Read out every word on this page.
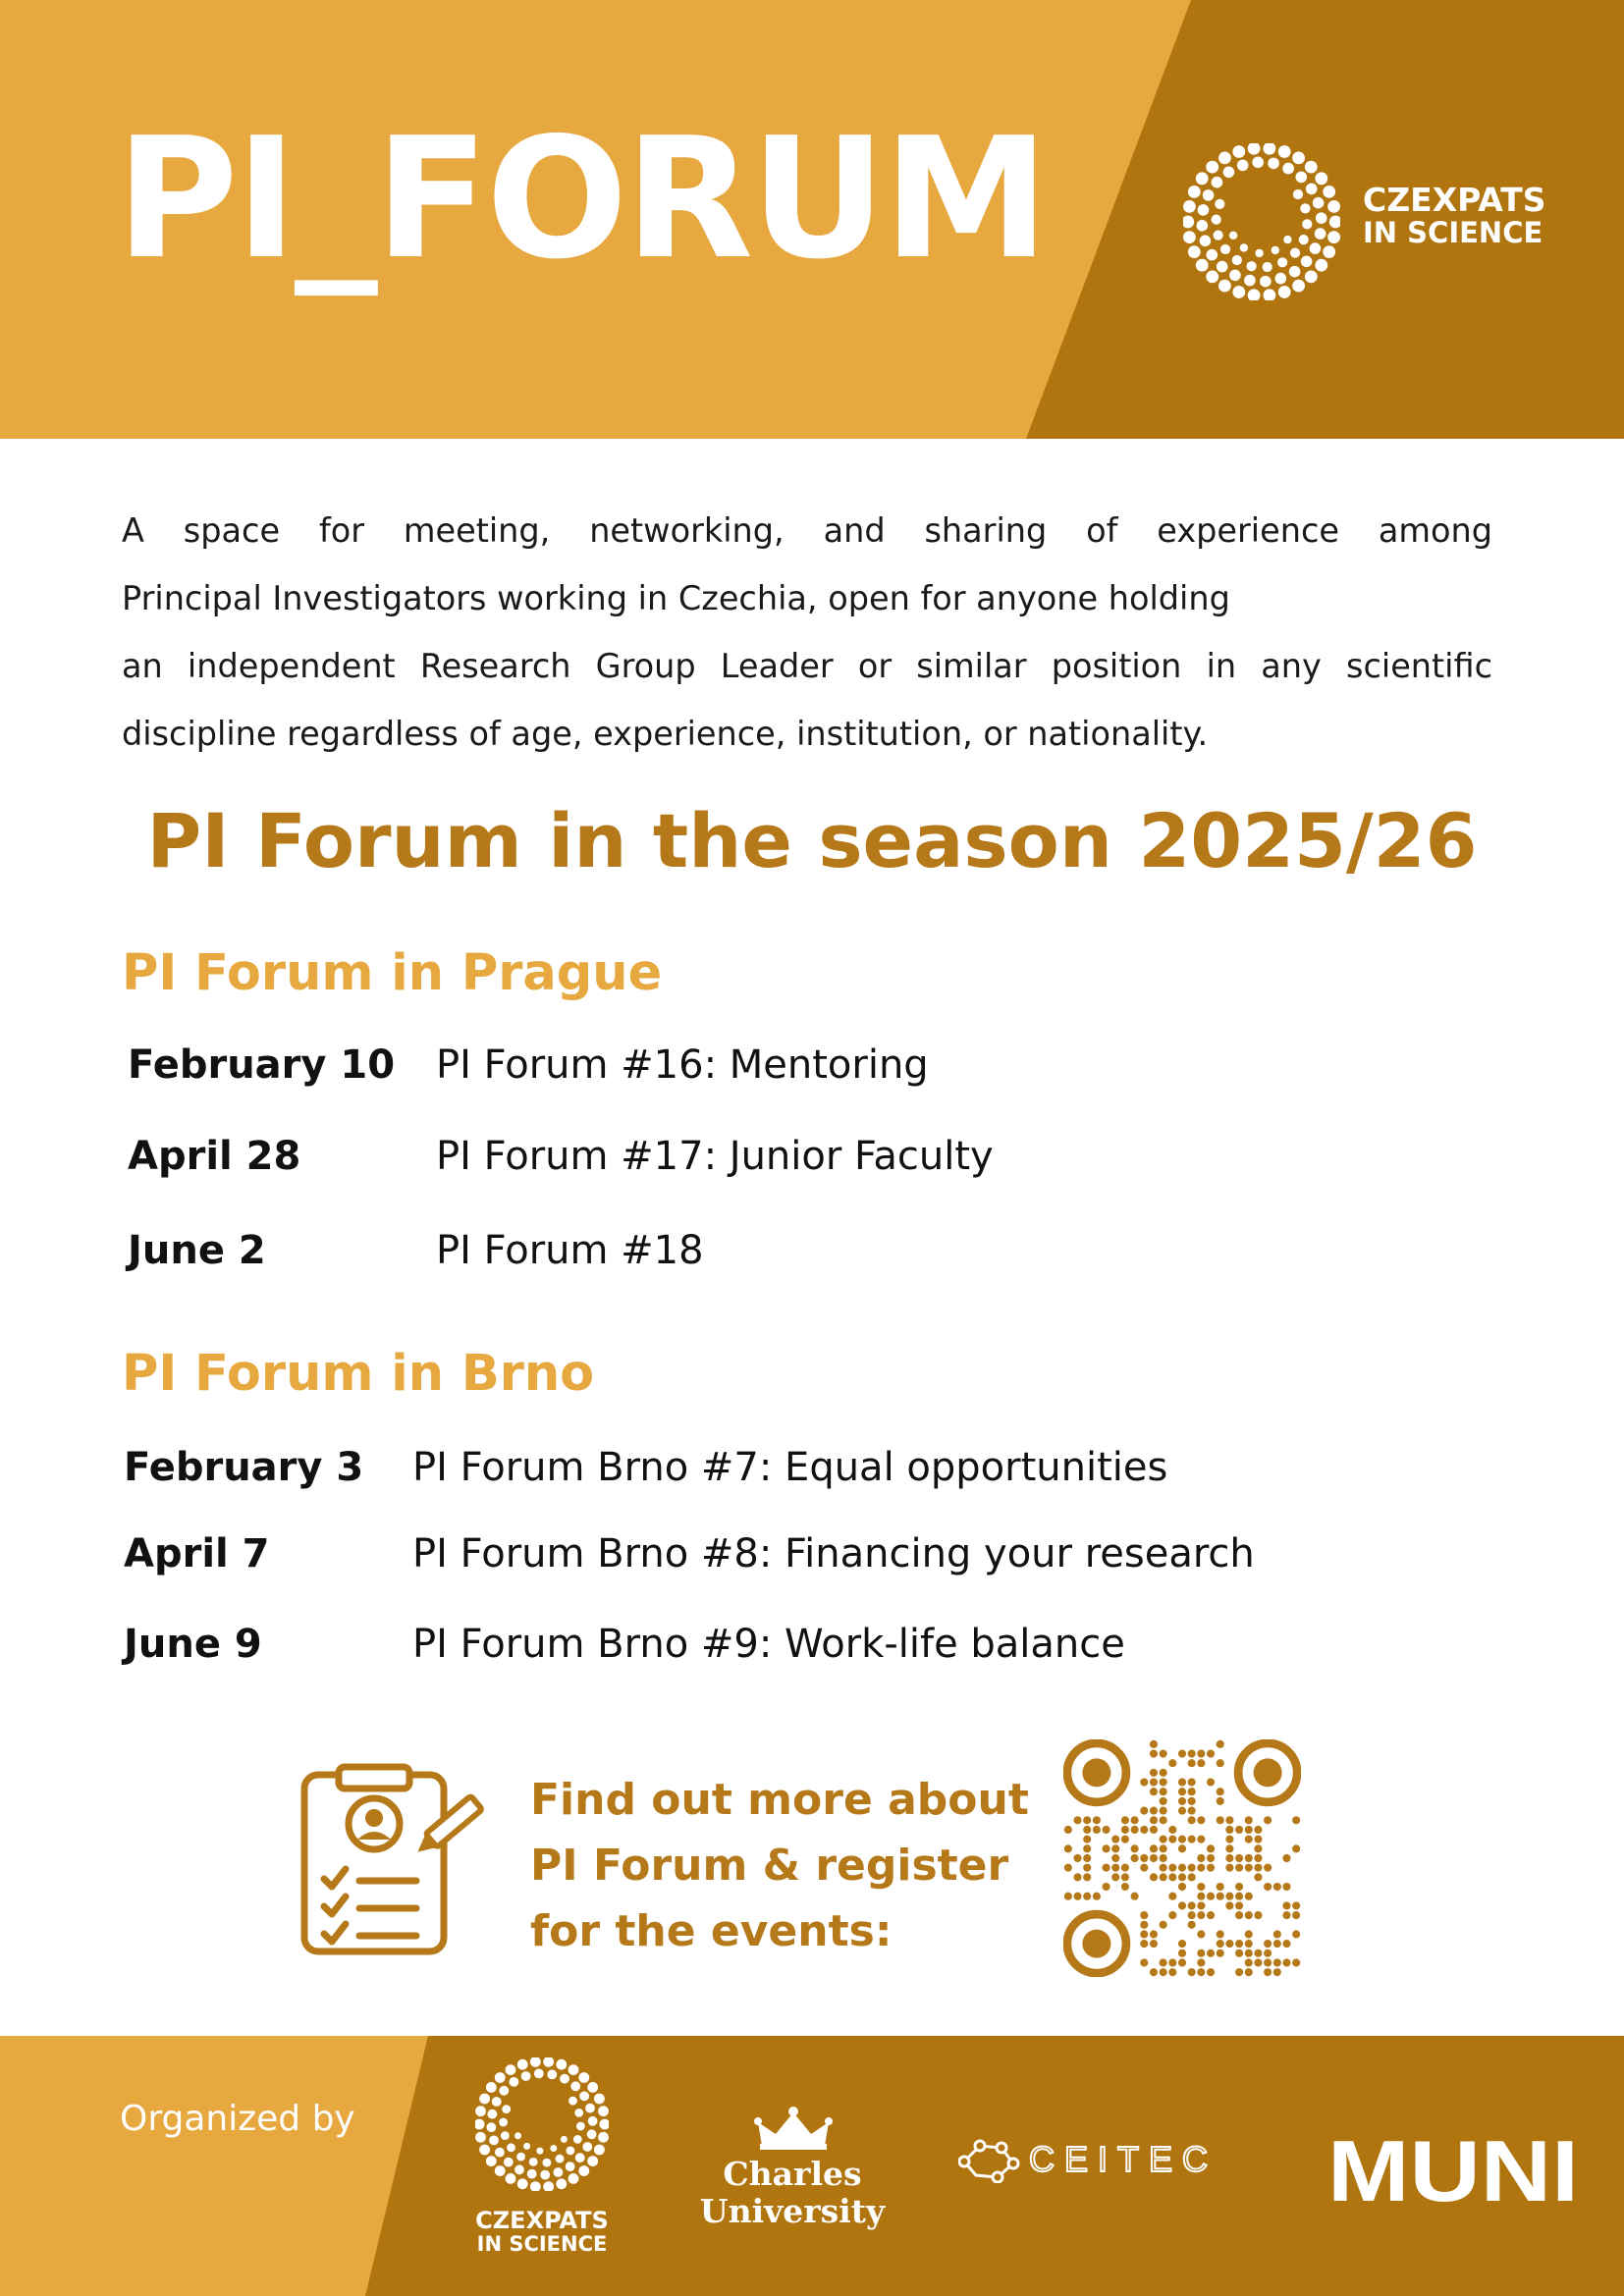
PI_FORUM	CZEXPATS
IN SCIENCE

A space for meeting, networking, and sharing of experience among
Principal Investigators working in Czechia, open for anyone holding
an independent Research Group Leader or similar position in any scientific
discipline regardless of age, experience, institution, or nationality.

PI Forum in the season 2025/26
PI Forum in Prague

February 10 PI Forum #16: Mentoring

April 28	PI Forum #17: Junior Faculty

June 2	PI Forum #18

PI Forum in Brno

February 3 PI Forum Brno #7: Equal opportunities

April 7	PI Forum Brno #8: Financing your research

June 9	PI Forum Brno #9: Work-life balance

Find out more about
PI Forum & register
for the events:

Organized by

CZEXPATS
IN SCIENCE
Charles
University
CEITEC MUNI
